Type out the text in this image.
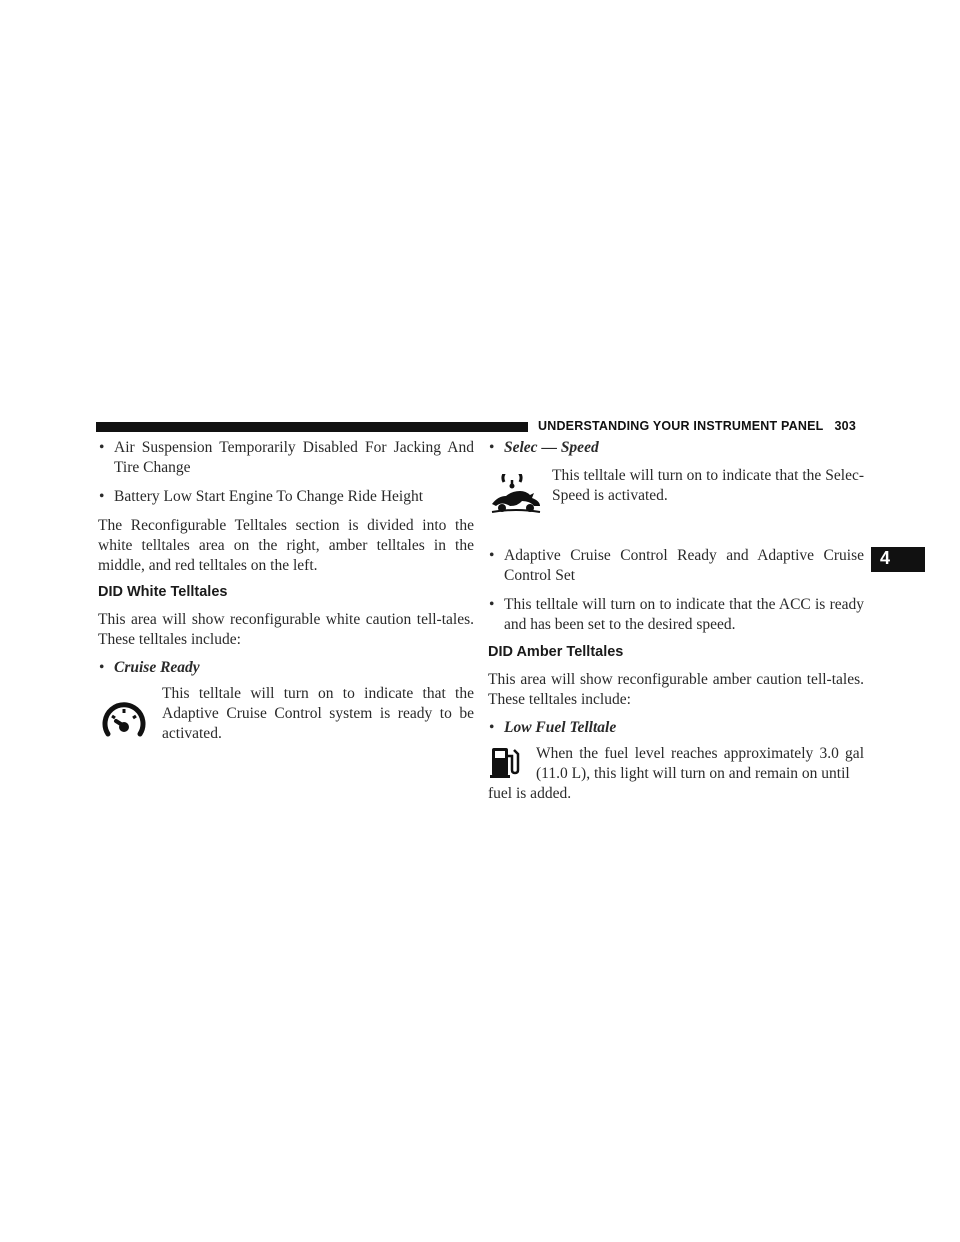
UNDERSTANDING YOUR INSTRUMENT PANEL 303
4
• Air Suspension Temporarily Disabled For Jacking And Tire Change
• Battery Low Start Engine To Change Ride Height

The Reconfigurable Telltales section is divided into the white telltales area on the right, amber telltales in the middle, and red telltales on the left.

DID White Telltales

This area will show reconfigurable white caution tell-tales. These telltales include:

• Cruise Ready
This telltale will turn on to indicate that the Adaptive Cruise Control system is ready to be activated.
• Selec — Speed
This telltale will turn on to indicate that the Selec-Speed is activated.
• Adaptive Cruise Control Ready and Adaptive Cruise Control Set
• This telltale will turn on to indicate that the ACC is ready and has been set to the desired speed.
DID Amber Telltales

This area will show reconfigurable amber caution tell-tales. These telltales include:

• Low Fuel Telltale
When the fuel level reaches approximately 3.0 gal (11.0 L), this light will turn on and remain on until
fuel is added.
